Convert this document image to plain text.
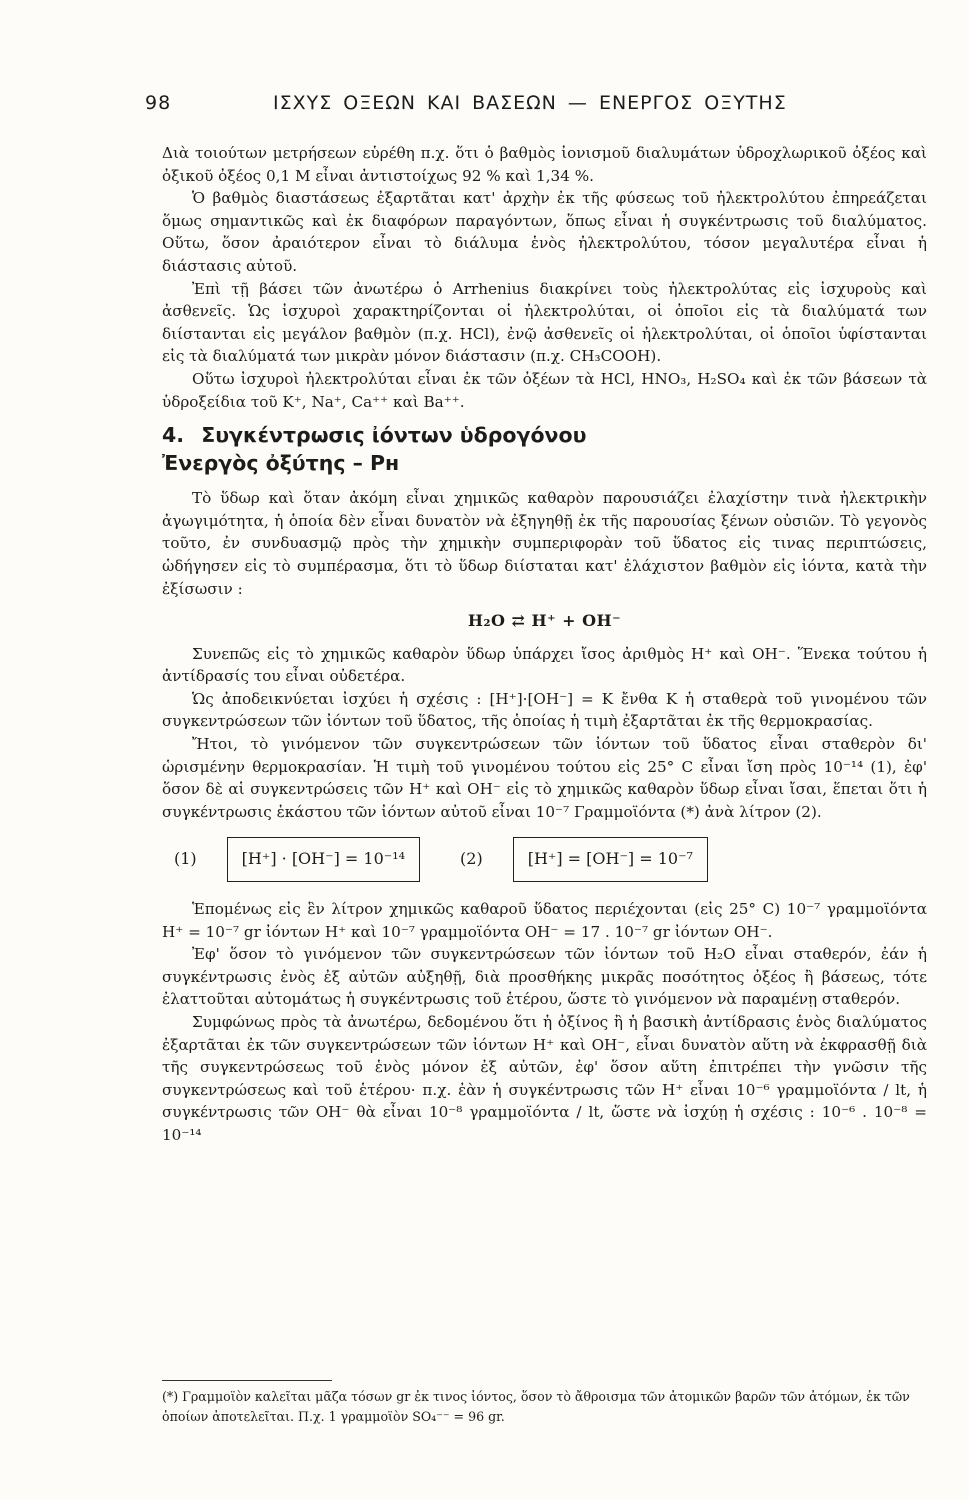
98	ΙΣΧΥΣ ΟΞΕΩΝ ΚΑΙ ΒΑΣΕΩΝ — ΕΝΕΡΓΟΣ ΟΞΥΤΗΣ

Διὰ τοιούτων μετρήσεων εὑρέθη π.χ. ὅτι ὁ βαθμὸς ἰονισμοῦ διαλυμάτων ὑδροχλωρικοῦ ὀξέος καὶ ὀξικοῦ ὀξέος 0,1 M εἶναι ἀντιστοίχως 92 % καὶ 1,34 %.

Ὁ βαθμὸς διαστάσεως ἐξαρτᾶται κατ' ἀρχὴν ἐκ τῆς φύσεως τοῦ ἠλεκτρολύτου ἐπηρεάζεται ὅμως σημαντικῶς καὶ ἐκ διαφόρων παραγόντων, ὅπως εἶναι ἡ συγκέντρωσις τοῦ διαλύματος. Οὕτω, ὅσον ἀραιότερον εἶναι τὸ διάλυμα ἑνὸς ἠλεκτρολύτου, τόσον μεγαλυτέρα εἶναι ἡ διάστασις αὐτοῦ.

Ἐπὶ τῇ βάσει τῶν ἀνωτέρω ὁ Arrhenius διακρίνει τοὺς ἠλεκτρολύτας εἰς ἰσχυροὺς καὶ ἀσθενεῖς. Ὡς ἰσχυροὶ χαρακτηρίζονται οἱ ἠλεκτρολύται, οἱ ὁποῖοι εἰς τὰ διαλύματά των διίστανται εἰς μεγάλον βαθμὸν (π.χ. HCl), ἐνῷ ἀσθενεῖς οἱ ἠλεκτρολύται, οἱ ὁποῖοι ὑφίστανται εἰς τὰ διαλύματά των μικρὰν μόνον διάστασιν (π.χ. CH₃COOH).

Οὕτω ἰσχυροὶ ἠλεκτρολύται εἶναι ἐκ τῶν ὀξέων τὰ HCl, HNO₃, H₂SO₄ καὶ ἐκ τῶν βάσεων τὰ ὑδροξείδια τοῦ K⁺, Na⁺, Ca⁺⁺ καὶ Ba⁺⁺.

4. Συγκέντρωσις ἰόντων ὑδρογόνου
Ἐνεργὸς ὀξύτης – Pʜ

Τὸ ὕδωρ καὶ ὅταν ἀκόμη εἶναι χημικῶς καθαρὸν παρουσιάζει ἐλαχίστην τινὰ ἠλεκτρικὴν ἀγωγιμότητα, ἡ ὁποία δὲν εἶναι δυνατὸν νὰ ἐξηγηθῇ ἐκ τῆς παρουσίας ξένων οὐσιῶν. Τὸ γεγονὸς τοῦτο, ἐν συνδυασμῷ πρὸς τὴν χημικὴν συμπεριφορὰν τοῦ ὕδατος εἰς τινας περιπτώσεις, ὡδήγησεν εἰς τὸ συμπέρασμα, ὅτι τὸ ὕδωρ διίσταται κατ' ἐλάχιστον βαθμὸν εἰς ἰόντα, κατὰ τὴν ἐξίσωσιν :

H₂O ⇄ H⁺ + OH⁻

Συνεπῶς εἰς τὸ χημικῶς καθαρὸν ὕδωρ ὑπάρχει ἴσος ἀριθμὸς H⁺ καὶ OH⁻. Ἕνεκα τούτου ἡ ἀντίδρασίς του εἶναι οὐδετέρα.

Ὡς ἀποδεικνύεται ἰσχύει ἡ σχέσις : [H⁺]·[OH⁻] = K ἔνθα K ἡ σταθερὰ τοῦ γινομένου τῶν συγκεντρώσεων τῶν ἰόντων τοῦ ὕδατος, τῆς ὁποίας ἡ τιμὴ ἐξαρτᾶται ἐκ τῆς θερμοκρασίας.

Ἤτοι, τὸ γινόμενον τῶν συγκεντρώσεων τῶν ἰόντων τοῦ ὕδατος εἶναι σταθερὸν δι' ὡρισμένην θερμοκρασίαν. Ἡ τιμὴ τοῦ γινομένου τούτου εἰς 25° C εἶναι ἴση πρὸς 10⁻¹⁴ (1), ἐφ' ὅσον δὲ αἱ συγκεντρώσεις τῶν H⁺ καὶ OH⁻ εἰς τὸ χημικῶς καθαρὸν ὕδωρ εἶναι ἴσαι, ἕπεται ὅτι ἡ συγκέντρωσις ἑκάστου τῶν ἰόντων αὐτοῦ εἶναι 10⁻⁷ Γραμμοϊόντα (*) ἀνὰ λίτρον (2).

(1)	[H⁺] · [OH⁻] = 10⁻¹⁴	(2)	[H⁺] = [OH⁻] = 10⁻⁷

Ἑπομένως εἰς ἓν λίτρον χημικῶς καθαροῦ ὕδατος περιέχονται (εἰς 25° C) 10⁻⁷ γραμμοϊόντα H⁺ = 10⁻⁷ gr ἰόντων H⁺ καὶ 10⁻⁷ γραμμοϊόντα OH⁻ = 17 . 10⁻⁷ gr ἰόντων OH⁻.

Ἐφ' ὅσον τὸ γινόμενον τῶν συγκεντρώσεων τῶν ἰόντων τοῦ H₂O εἶναι σταθερόν, ἐάν ἡ συγκέντρωσις ἑνὸς ἐξ αὐτῶν αὐξηθῇ, διὰ προσθήκης μικρᾶς ποσότητος ὀξέος ἢ βάσεως, τότε ἐλαττοῦται αὐτομάτως ἡ συγκέντρωσις τοῦ ἑτέρου, ὥστε τὸ γινόμενον νὰ παραμένῃ σταθερόν.

Συμφώνως πρὸς τὰ ἀνωτέρω, δεδομένου ὅτι ἡ ὀξίνος ἢ ἡ βασικὴ ἀντίδρασις ἑνὸς διαλύματος ἐξαρτᾶται ἐκ τῶν συγκεντρώσεων τῶν ἰόντων H⁺ καὶ OH⁻, εἶναι δυνατὸν αὕτη νὰ ἐκφρασθῇ διὰ τῆς συγκεντρώσεως τοῦ ἑνὸς μόνον ἐξ αὐτῶν, ἐφ' ὅσον αὕτη ἐπιτρέπει τὴν γνῶσιν τῆς συγκεντρώσεως καὶ τοῦ ἑτέρου· π.χ. ἐὰν ἡ συγκέντρωσις τῶν H⁺ εἶναι 10⁻⁶ γραμμοϊόντα / lt, ἡ συγκέντρωσις τῶν OH⁻ θὰ εἶναι 10⁻⁸ γραμμοϊόντα / lt, ὥστε νὰ ἰσχύῃ ἡ σχέσις : 10⁻⁶ . 10⁻⁸ = 10⁻¹⁴

(*) Γραμμοϊὸν καλεῖται μᾶζα τόσων gr ἐκ τινος ἰόντος, ὅσον τὸ ἄθροισμα τῶν ἀτομικῶν βαρῶν τῶν ἀτόμων, ἐκ τῶν ὁποίων ἀποτελεῖται. Π.χ. 1 γραμμοϊὸν SO₄⁻⁻ = 96 gr.
